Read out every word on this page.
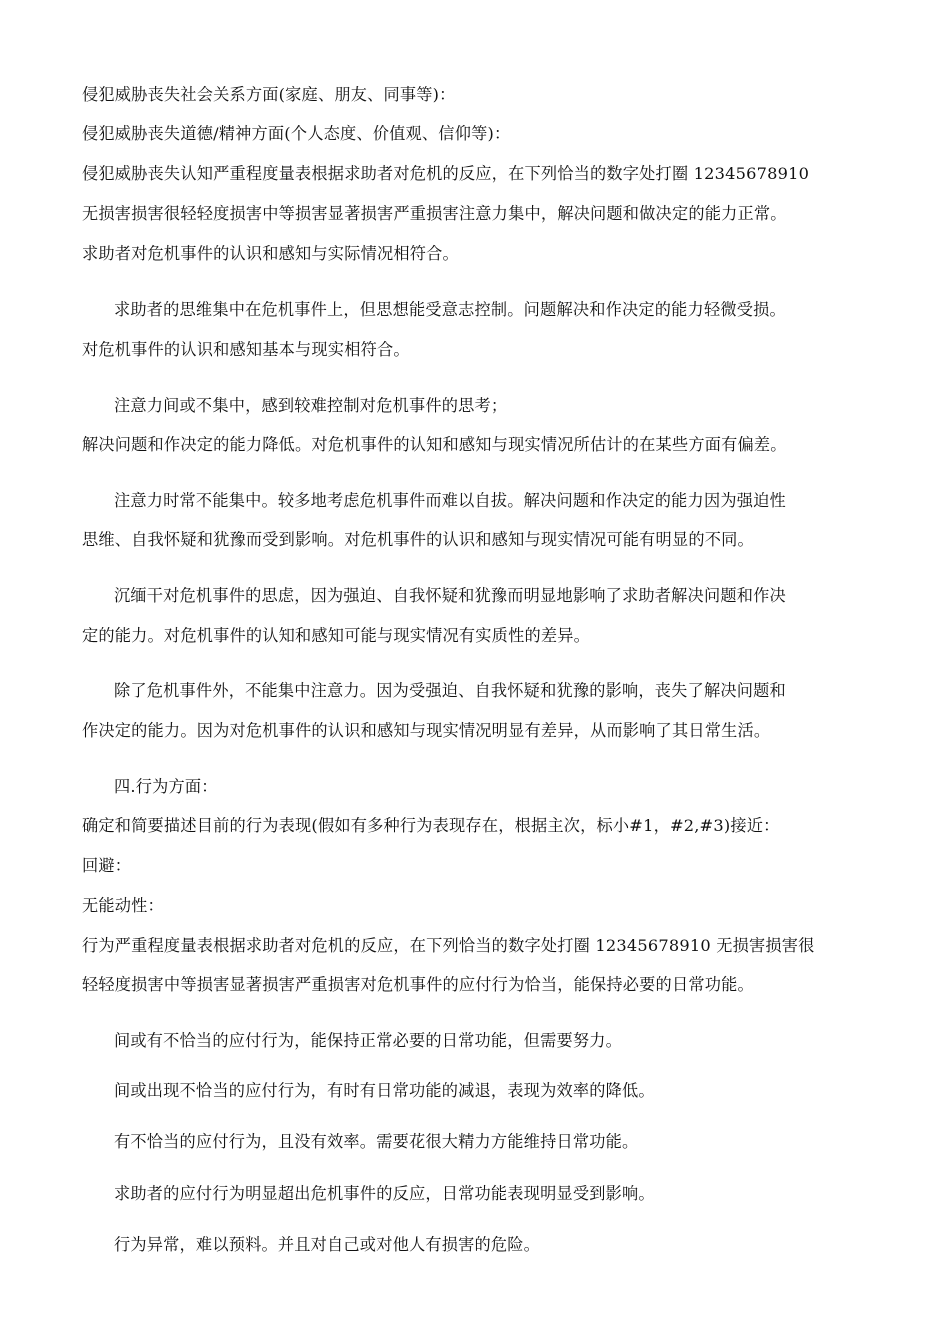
侵犯威胁丧失社会关系方面(家庭、朋友、同事等)：
侵犯威胁丧失道德/精神方面(个人态度、价值观、信仰等)：
侵犯威胁丧失认知严重程度量表根据求助者对危机的反应，在下列恰当的数字处打圈 12345678910
无损害损害很轻轻度损害中等损害显著损害严重损害注意力集中，解决问题和做决定的能力正常。
求助者对危机事件的认识和感知与实际情况相符合。
求助者的思维集中在危机事件上，但思想能受意志控制。问题解决和作决定的能力轻微受损。
对危机事件的认识和感知基本与现实相符合。
注意力间或不集中，感到较难控制对危机事件的思考；
解决问题和作决定的能力降低。对危机事件的认知和感知与现实情况所估计的在某些方面有偏差。
注意力时常不能集中。较多地考虑危机事件而难以自拔。解决问题和作决定的能力因为强迫性
思维、自我怀疑和犹豫而受到影响。对危机事件的认识和感知与现实情况可能有明显的不同。
沉缅干对危机事件的思虑，因为强迫、自我怀疑和犹豫而明显地影响了求助者解决问题和作决
定的能力。对危机事件的认知和感知可能与现实情况有实质性的差异。
除了危机事件外，不能集中注意力。因为受强迫、自我怀疑和犹豫的影响，丧失了解决问题和
作决定的能力。因为对危机事件的认识和感知与现实情况明显有差异，从而影响了其日常生活。
四.行为方面：
确定和简要描述目前的行为表现(假如有多种行为表现存在，根据主次，标小#1，#2,#3)接近：
回避：
无能动性：
行为严重程度量表根据求助者对危机的反应，在下列恰当的数字处打圈 12345678910 无损害损害很
轻轻度损害中等损害显著损害严重损害对危机事件的应付行为恰当，能保持必要的日常功能。
间或有不恰当的应付行为，能保持正常必要的日常功能，但需要努力。
间或出现不恰当的应付行为，有时有日常功能的减退，表现为效率的降低。
有不恰当的应付行为，且没有效率。需要花很大精力方能维持日常功能。
求助者的应付行为明显超出危机事件的反应，日常功能表现明显受到影响。
行为异常，难以预料。并且对自己或对他人有损害的危险。
